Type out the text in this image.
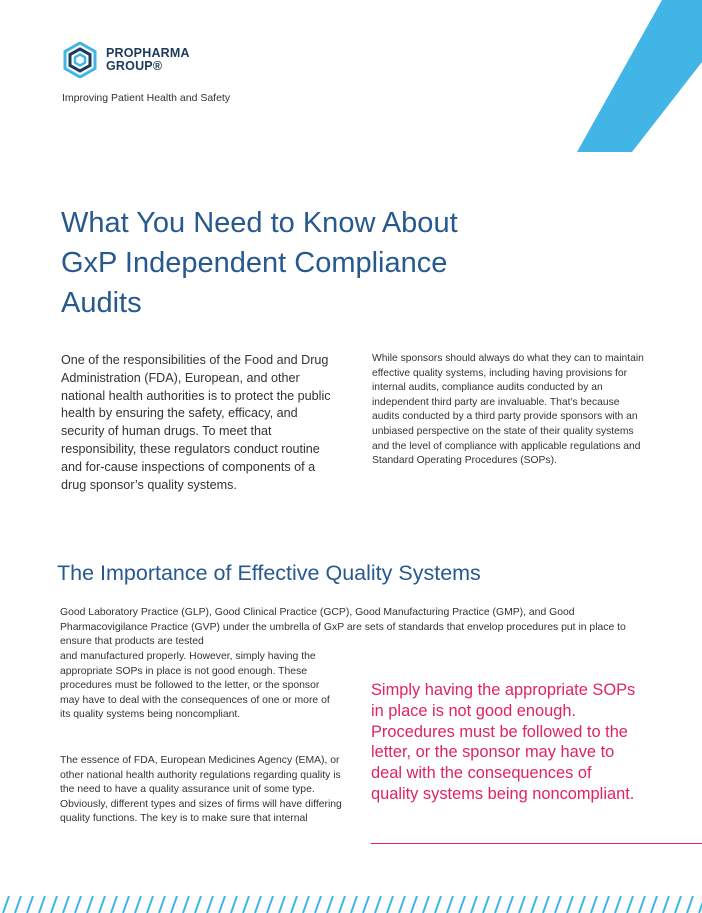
PROPHARMA
GROUP®
Improving Patient Health and Safety
What You Need to Know About GxP Independent Compliance Audits

One of the responsibilities of the Food and Drug Administration (FDA), European, and other national health authorities is to protect the public health by ensuring the safety, efficacy, and security of human drugs. To meet that responsibility, these regulators conduct routine and for-cause inspections of components of a drug sponsor’s quality systems.

While sponsors should always do what they can to maintain effective quality systems, including having provisions for internal audits, compliance audits conducted by an independent third party are invaluable. That’s because audits conducted by a third party provide sponsors with an unbiased perspective on the state of their quality systems and the level of compliance with applicable regulations and Standard Operating Procedures (SOPs).

The Importance of Effective Quality Systems

Good Laboratory Practice (GLP), Good Clinical Practice (GCP), Good Manufacturing Practice (GMP), and Good Pharmacovigilance Practice (GVP) under the umbrella of GxP are sets of standards that envelop procedures put in place to ensure that products are tested

and manufactured properly. However, simply having the appropriate SOPs in place is not good enough. These procedures must be followed to the letter, or the sponsor may have to deal with the consequences of one or more of its quality systems being noncompliant.

The essence of FDA, European Medicines Agency (EMA), or other national health authority regulations regarding quality is the need to have a quality assurance unit of some type. Obviously, different types and sizes of firms will have differing quality functions. The key is to make sure that internal

Simply having the appropriate SOPs in place is not good enough. Procedures must be followed to the letter, or the sponsor may have to deal with the consequences of quality systems being noncompliant.
